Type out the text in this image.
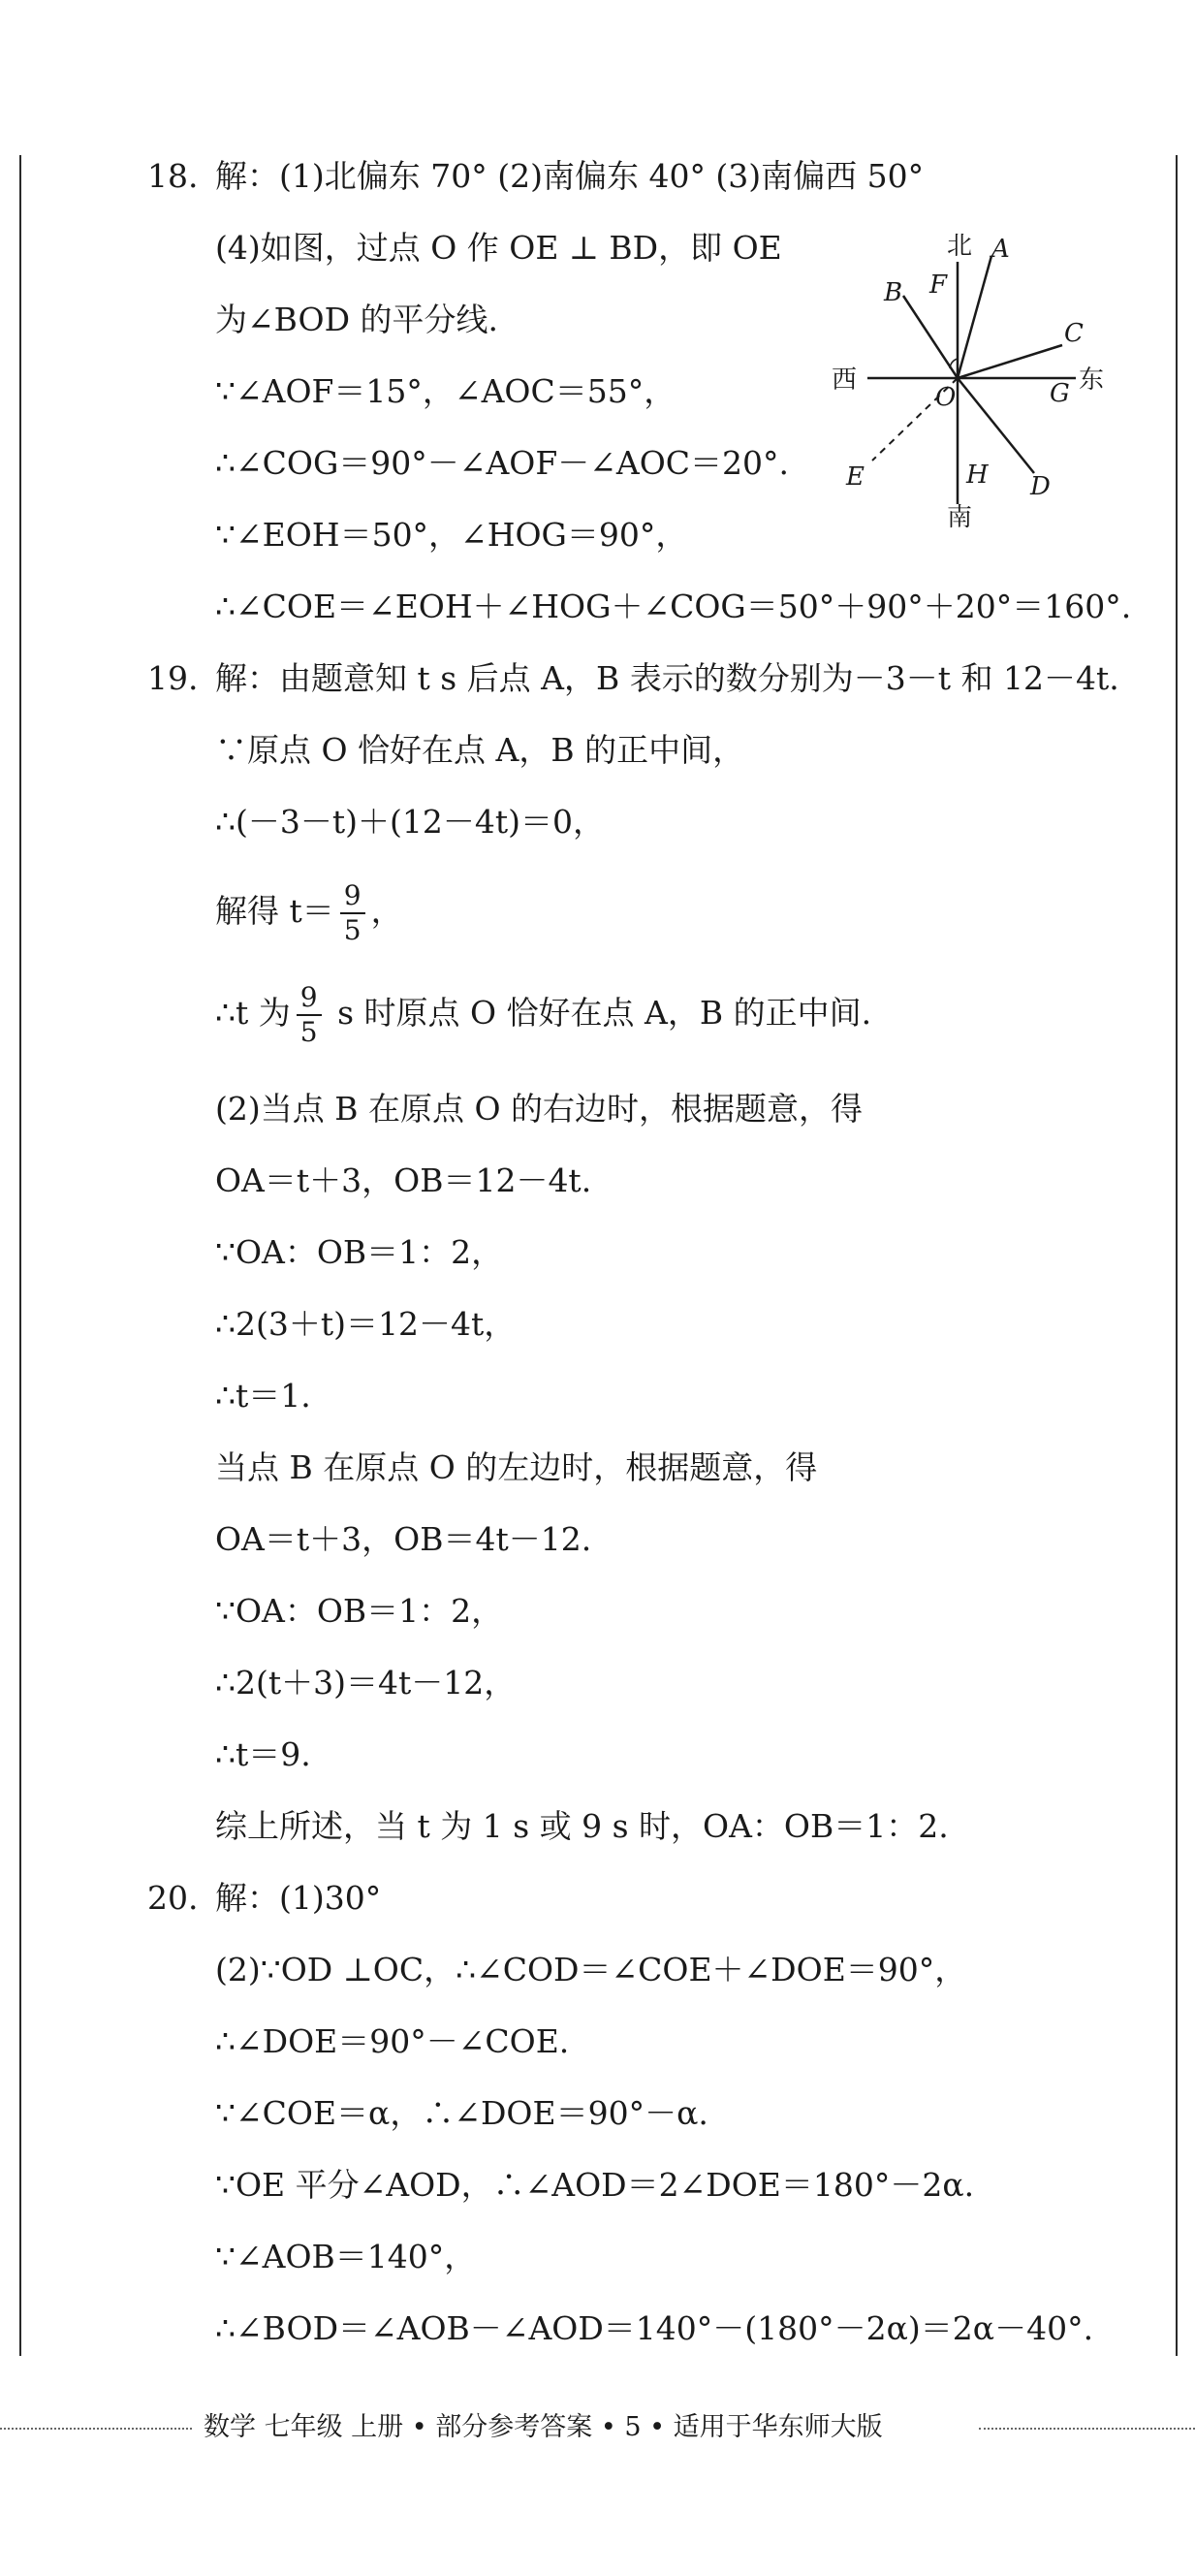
18. 解：(1)北偏东 70° (2)南偏东 40° (3)南偏西 50°
(4)如图，过点 O 作 OE ⊥ BD，即 OE
为∠BOD 的平分线.
∵∠AOF＝15°，∠AOC＝55°，
∴∠COG＝90°－∠AOF－∠AOC＝20°.
∵∠EOH＝50°，∠HOG＝90°，
∴∠COE＝∠EOH＋∠HOG＋∠COG＝50°＋90°＋20°＝160°.
北
南
西	东
A
B
C
D
E
F
G
H
O
19. 解：由题意知 t s 后点 A，B 表示的数分别为－3－t 和 12－4t.
∵原点 O 恰好在点 A，B 的正中间，
∴(－3－t)＋(12－4t)＝0，
解得 $t= \frac{9}{5}$ ，
∴t 为 $\frac{9}{5}$ s 时原点 O 恰好在点 A，B 的正中间.
(2)当点 B 在原点 O 的右边时，根据题意，得
OA＝t＋3，OB＝12－4t.
∵OA：OB＝1：2，
∴2(3＋t)＝12－4t，
∴t＝1.
当点 B 在原点 O 的左边时，根据题意，得
OA＝t＋3，OB＝4t－12.
∵OA：OB＝1：2，
∴2(t＋3)＝4t－12，
∴t＝9.
综上所述，当 t 为 1 s 或 9 s 时，OA：OB＝1：2.
20. 解：(1)30°
(2)∵OD ⊥OC，∴∠COD＝∠COE＋∠DOE＝90°，
∴∠DOE＝90°－∠COE.
∵∠COE＝α，∴∠DOE＝90°－α.
∵OE 平分∠AOD，∴∠AOD＝2∠DOE＝180°－2α.
∵∠AOB＝140°，
∴∠BOD＝∠AOB－∠AOD＝140°－(180°－2α)＝2α－40°.
数学 七年级 上册 • 部分参考答案 • 5 • 适用于华东师大版
